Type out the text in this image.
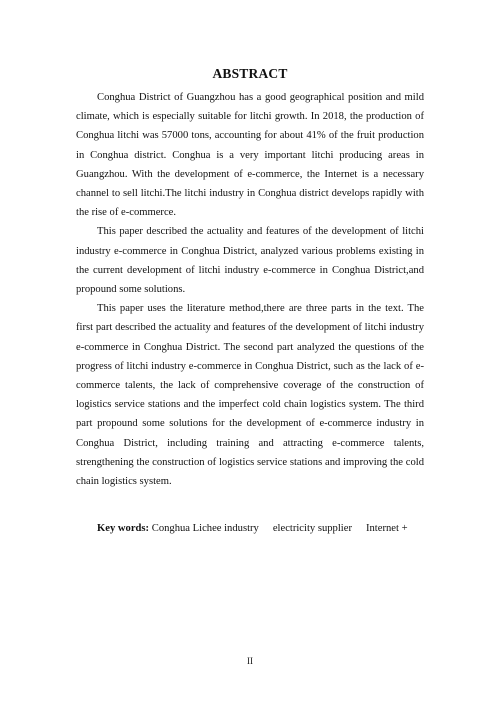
ABSTRACT

Conghua District of Guangzhou has a good geographical position and mild climate, which is especially suitable for litchi growth. In 2018, the production of Conghua litchi was 57000 tons, accounting for about 41% of the fruit production in Conghua district. Conghua is a very important litchi producing areas in Guangzhou. With the development of e-commerce, the Internet is a necessary channel to sell litchi.The litchi industry in Conghua district develops rapidly with the rise of e-commerce.

This paper described the actuality and features of the development of litchi industry e-commerce in Conghua District, analyzed various problems existing in the current development of litchi industry e-commerce in Conghua District,and propound some solutions.

This paper uses the literature method,there are three parts in the text. The first part described the actuality and features of the development of litchi industry e-commerce in Conghua District. The second part analyzed the questions of the progress of litchi industry e-commerce in Conghua District, such as the lack of e-commerce talents, the lack of comprehensive coverage of the construction of logistics service stations and the imperfect cold chain logistics system. The third part propound some solutions for the development of e-commerce industry in Conghua District, including training and attracting e-commerce talents, strengthening the construction of logistics service stations and improving the cold chain logistics system.

Key words: Conghua Lichee industry electricity supplier Internet +
II
